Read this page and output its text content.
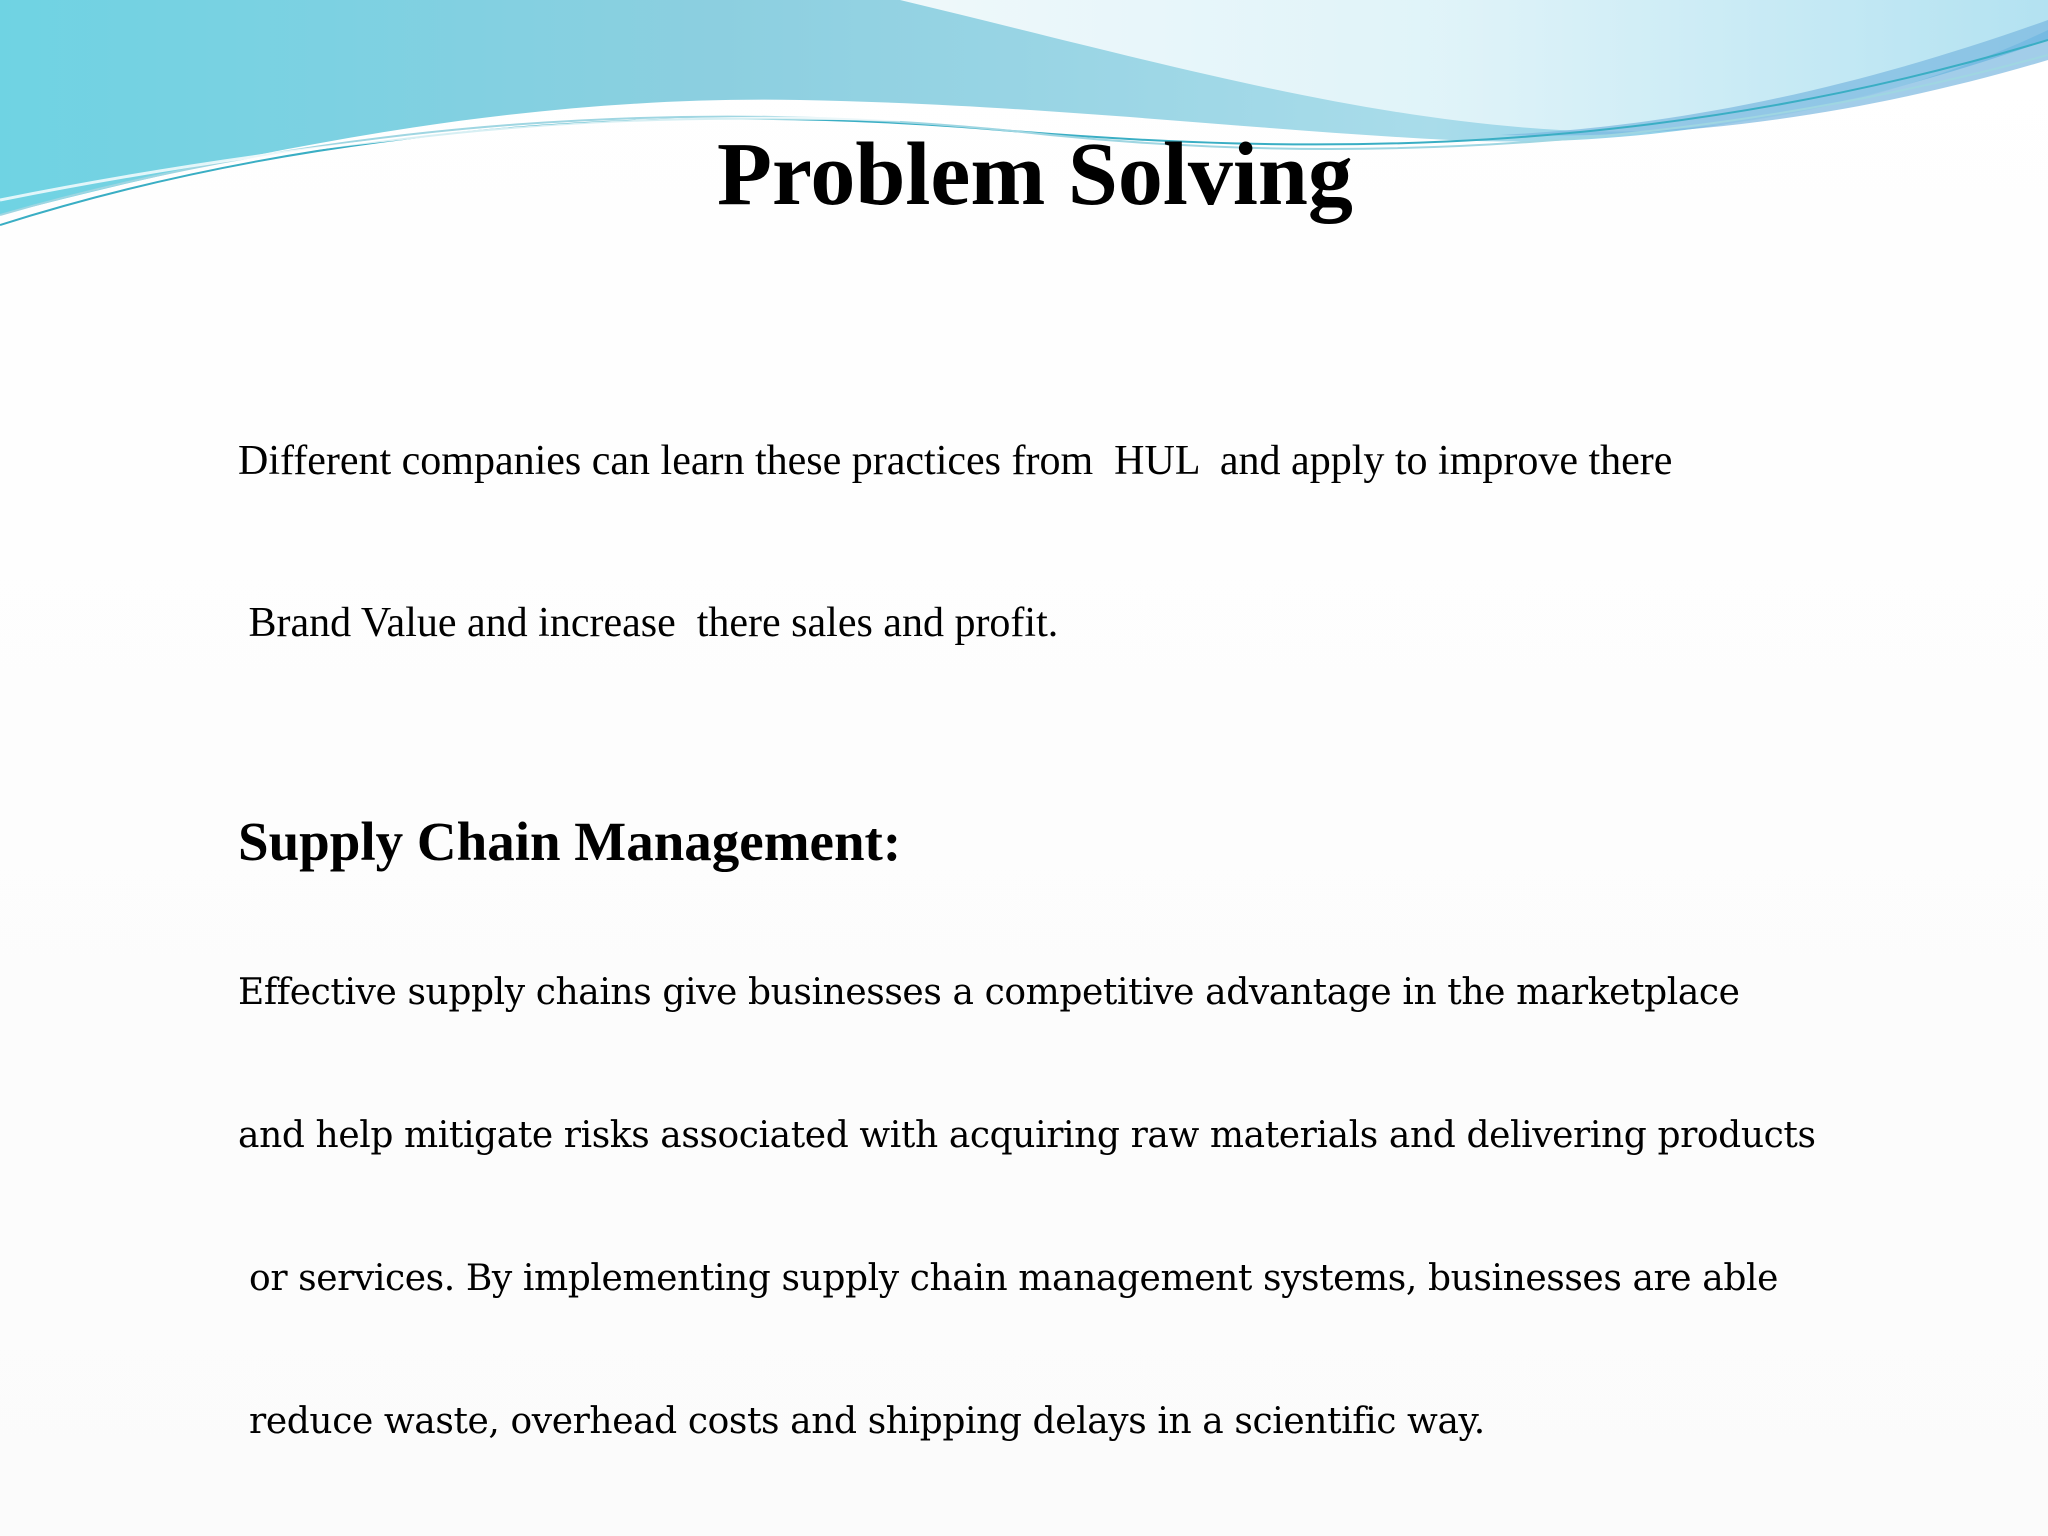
Problem Solving

Different companies can learn these practices from  HUL  and apply to improve there

Brand Value and increase  there sales and profit.

Supply Chain Management:

Effective supply chains give businesses a competitive advantage in the marketplace

and help mitigate risks associated with acquiring raw materials and delivering products

or services. By implementing supply chain management systems, businesses are able

reduce waste, overhead costs and shipping delays in a scientific way.
